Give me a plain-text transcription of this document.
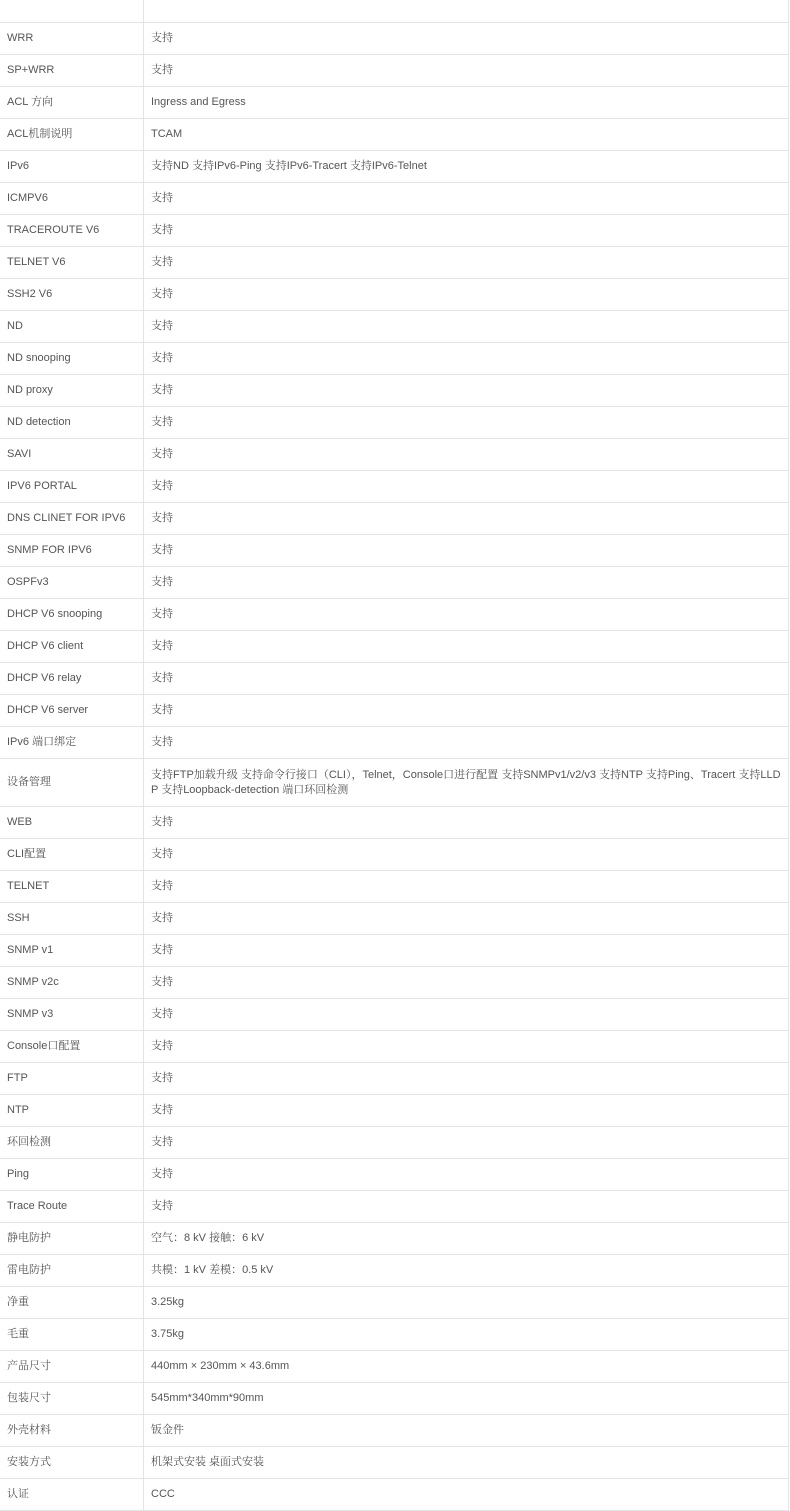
WRR	支持
SP+WRR	支持
ACL 方向	Ingress and Egress
ACL机制说明	TCAM
IPv6	支持ND 支持IPv6-Ping 支持IPv6-Tracert 支持IPv6-Telnet
ICMPV6	支持
TRACEROUTE V6	支持
TELNET V6	支持
SSH2 V6	支持
ND	支持
ND snooping	支持
ND proxy	支持
ND detection	支持
SAVI	支持
IPV6 PORTAL	支持
DNS CLINET FOR IPV6	支持
SNMP FOR IPV6	支持
OSPFv3	支持
DHCP V6 snooping	支持
DHCP V6 client	支持
DHCP V6 relay	支持
DHCP V6 server	支持
IPv6 端口绑定	支持
设备管理	支持FTP加载升级 支持命令行接口（CLI），Telnet，Console口进行配置 支持SNMPv1/v2/v3 支持NTP 支持Ping、Tracert 支持LLDP 支持Loopback-detection 端口环回检测
WEB	支持
CLI配置	支持
TELNET	支持
SSH	支持
SNMP v1	支持
SNMP v2c	支持
SNMP v3	支持
Console口配置	支持
FTP	支持
NTP	支持
环回检测	支持
Ping	支持
Trace Route	支持
静电防护	空气：8 kV 接触：6 kV
雷电防护	共模：1 kV 差模：0.5 kV
净重	3.25kg
毛重	3.75kg
产品尺寸	440mm × 230mm × 43.6mm
包装尺寸	545mm*340mm*90mm
外壳材料	钣金件
安装方式	机架式安装 桌面式安装
认证	CCC
